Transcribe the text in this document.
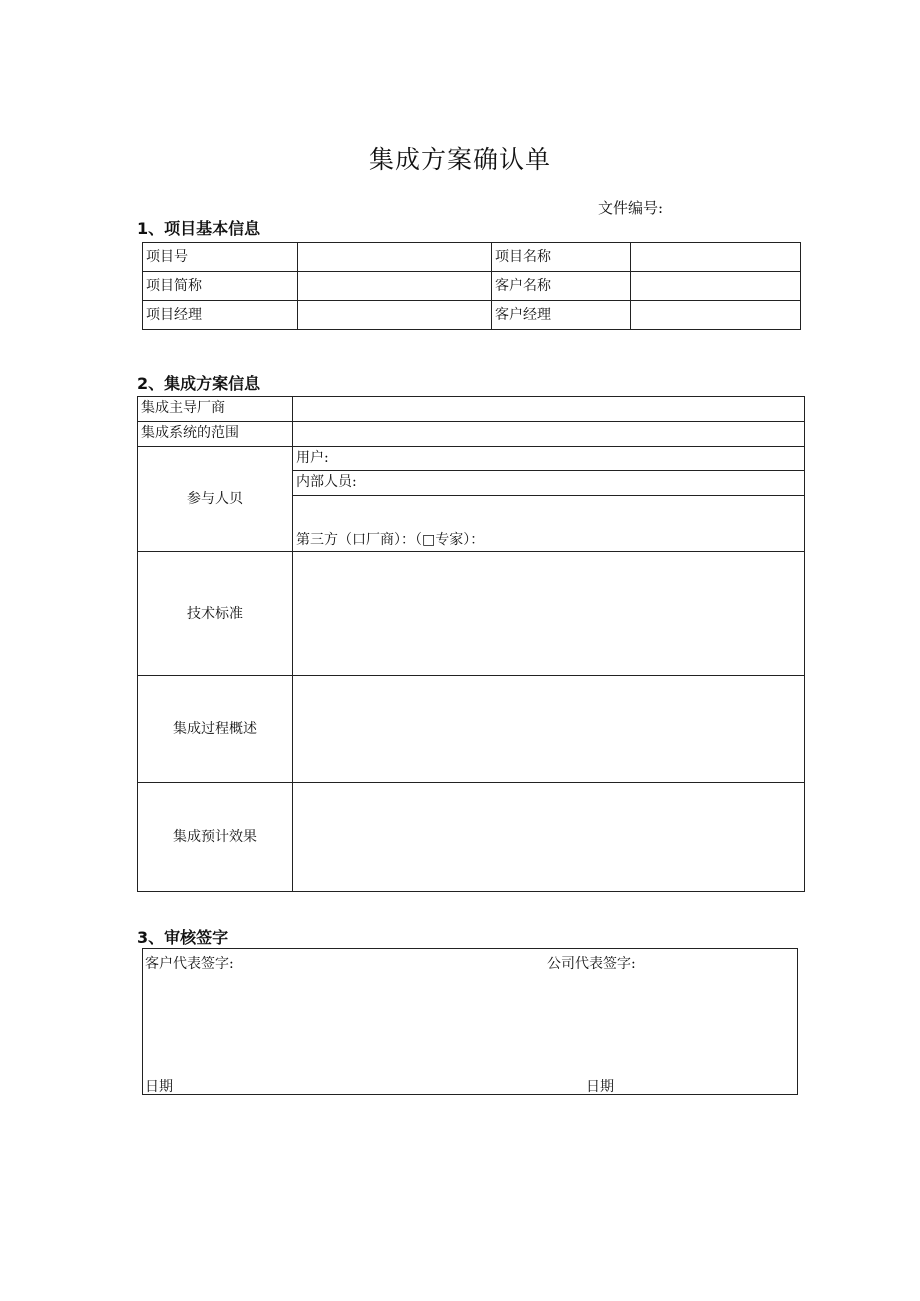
集成方案确认单
文件编号:
1、项目基本信息
项目号		项目名称	
项目简称		客户名称	
项目经理		客户经理	
2、集成方案信息
集成主导厂商	
集成系统的范围	
参与人贝	用户:
	内部人员:
	第三方（口厂商）：（□专家）：
技术标准	
集成过程概述	
集成预计效果	
3、审核签字
客户代表签字:	公司代表签字:
日期	日期
